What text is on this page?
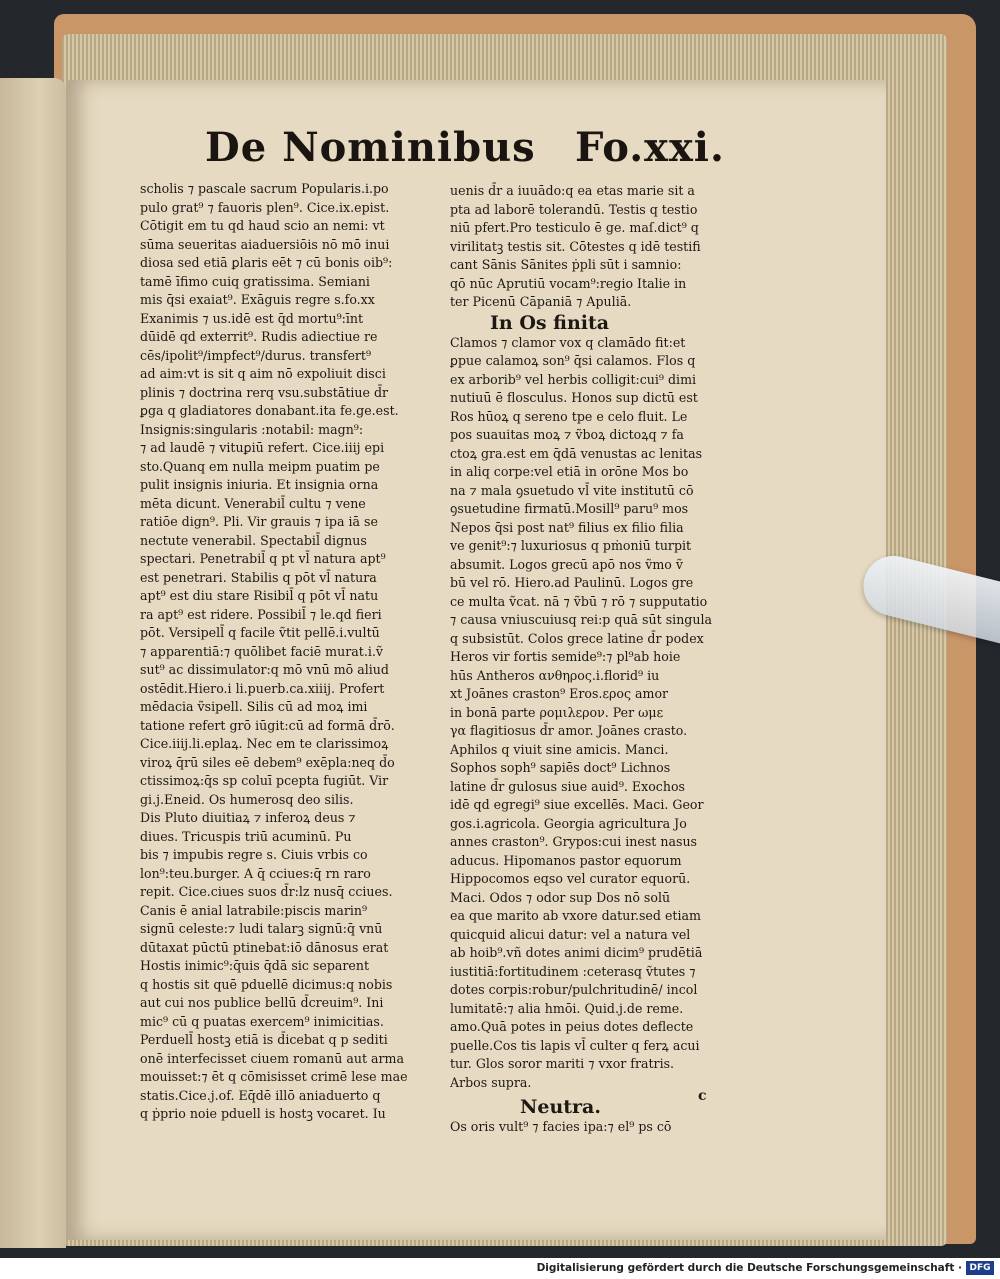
De Nominibus Fo.xxi.
scholis ⁊ pascale sacrum Popularis.i.po
pulo grat⁹ ⁊ fauoris plen⁹. Cice.ix.epist.
Cōtigit em tu qd haud scio an nemi: vt
sūma seueritas aiaduersiōis nō mō inui
diosa sed etiā ꝑlaris eēt ⁊ cū bonis oib⁹:
tamē īfimo cuiq gratissima. Semiani
mis q̄si exaiat⁹. Exāguis regre s.fo.xx
Exanimis ⁊ us.idē est q̄d mortu⁹:īnt
dūidē qd exterrit⁹. Rudis adiectiue re
cēs/ipolit⁹/impfect⁹/durus. transfert⁹
ad aim:vt is sit q aim nō expoliuit disci
plinis ⁊ doctrina rerq vsu.substātiue d̄r
ꝑga q gladiatores donabant.ita fe.ge.est.
Insignis:singularis :notabil: magn⁹:
⁊ ad laudē ⁊ vituꝑiū refert. Cice.iiij epi
sto.Quanq em nulla meipm puatim pe
pulit insignis iniuria. Et insignia orna
mēta dicunt. Venerabil̄ cultu ⁊ vene
ratiōe dign⁹. Pli. Vir grauis ⁊ ipa iā se
nectute venerabil. Spectabil̄ dignus
spectari. Penetrabil̄ q pt vl̄ natura apt⁹
est penetrari. Stabilis q pōt vl̄ natura
apt⁹ est diu stare Risibil̄ q pōt vl̄ natu
ra apt⁹ est ridere. Possibil̄ ⁊ le.qd fieri
pōt. Versipell̄ q facile ṽtit pellē.i.vultū
⁊ apparentiā:⁊ quōlibet faciē murat.i.ṽ
sut⁹ ac dissimulator:q mō vnū mō aliud
ostēdit.Hiero.i li.puerb.ca.xiiij. Profert
mēdacia ṽsipell. Silis cū ad moꝝ imi
tatione refert grō iūgit:cū ad formā d̄rō.
Cice.iiij.li.eplaꝝ. Nec em te clarissimoꝝ
viroꝝ q̄rū siles eē debem⁹ exēpla:neq d̄o
ctissimoꝝ:q̄s sp coluī pcepta fugiūt. Vir
gi.j.Eneid. Os humerosq deo silis.
Dis Pluto diuitiaꝝ ⁊ inferoꝝ deus ⁊
diues. Tricuspis triū acuminū. Pu
bis ⁊ impubis regre s. Ciuis vrbis co
lon⁹:teu.burger. A q̄ cciues:q̄ rn raro
repit. Cice.ciues suos d̄r:lz nusq̄ cciues.
Canis ē anial latrabile:piscis marin⁹
signū celeste:⁊ ludi talarꝫ signū:q̄ vnū
dūtaxat pūctū ptinebat:iō dānosus erat
Hostis inimic⁹:q̄uis q̄dā sic separent
q hostis sit quē pduellē dicimus:q nobis
aut cui nos publice bellū d̄creuim⁹. Ini
mic⁹ cū q puatas exercem⁹ inimicitias.
Perduell̄ hostꝫ etiā is d̄icebat q p sediti
onē interfecisset ciuem romanū aut arma
mouisset:⁊ ēt q cōmisisset crimē lese mae
statis.Cice.j.of. Eq̄dē illō aniaduerto q
q ṗprio noie pduell is hostꝫ vocaret. Iu
uenis d̄r a iuuādo:q ea etas marie sit a
pta ad laborē tolerandū. Testis q testio
niū pfert.Pro testiculo ē ge. maſ.dict⁹ q
virilitatꝫ testis sit. Cōtestes q idē testifi
cant Sānis Sānites ṗpli sūt i samnio:
qō nūc Aprutiū vocam⁹:regio Italie in
ter Picenū Cāpaniā ⁊ Apuliā.
In Os finita
Clamos ⁊ clamor vox q clamādo fit:et
ꝑpue calamoꝝ son⁹ q̄si calamos. Flos q
ex arborib⁹ vel herbis colligit:cui⁹ dimi
nutiuū ē flosculus. Honos sup dictū est
Ros hūoꝝ q sereno tpe e celo fluit. Le
pos suauitas moꝝ ⁊ ṽboꝝ dictoꝝq ⁊ fa
ctoꝝ gra.est em q̄dā venustas ac lenitas
in aliq corpe:vel etiā in orōne Mos bo
na ⁊ mala ꝯsuetudo vl̄ vite institutū cō
ꝯsuetudine firmatū.Mosill⁹ paru⁹ mos
Nepos q̄si post nat⁹ filius ex filio filia
ve genit⁹:⁊ luxuriosus q pṁoniū turpit
absumit. Logos grecū apō nos ṽmo ṽ
bū vel rō. Hiero.ad Paulinū. Logos gre
ce multa ṽcat. nā ⁊ ṽbū ⁊ rō ⁊ supputatio
⁊ causa vniuscuiusq rei:p quā sūt singula
q subsistūt. Colos grece latine d̄r podex
Heros vir fortis semide⁹:⁊ pl⁹ab hoie
hūs Antheros ανθηρος.i.florid⁹ iu
xt Joānes craston⁹ Eros.ερος amor
in bonā parte ρομιλερον. Per ωμε
γα flagitiosus d̄r amor. Joānes crasto.
Aphilos q viuit sine amicis. Manci.
Sophos soph⁹ sapiēs doct⁹ Lichnos
latine d̄r gulosus siue auid⁹. Exochos
idē qd egregi⁹ siue excellēs. Maci. Geor
gos.i.agricola. Georgia agricultura Jo
annes craston⁹. Grypos:cui inest nasus
aducus. Hipomanos pastor equorum
Hippocomos eqso vel curator equorū.
Maci. Odos ⁊ odor sup Dos nō solū
ea que marito ab vxore datur.sed etiam
quicquid alicui datur: vel a natura vel
ab hoib⁹.vñ dotes animi dicim⁹ prudētiā
iustitiā:fortitudinem :ceterasq ṽtutes ⁊
dotes corpis:robur/pulchritudinē/ incol
lumitatē:⁊ alia hmōi. Quid.j.de reme.
amo.Quā potes in peius dotes deflecte
puelle.Cos tis lapis vl̄ culter q ferꝝ acui
tur. Glos soror mariti ⁊ vxor fratris.
Arbos supra.
Neutra.
Os oris vult⁹ ⁊ facies ipa:⁊ el⁹ ps cō
c
Digitalisierung gefördert durch die Deutsche Forschungsgemeinschaft · DFG
